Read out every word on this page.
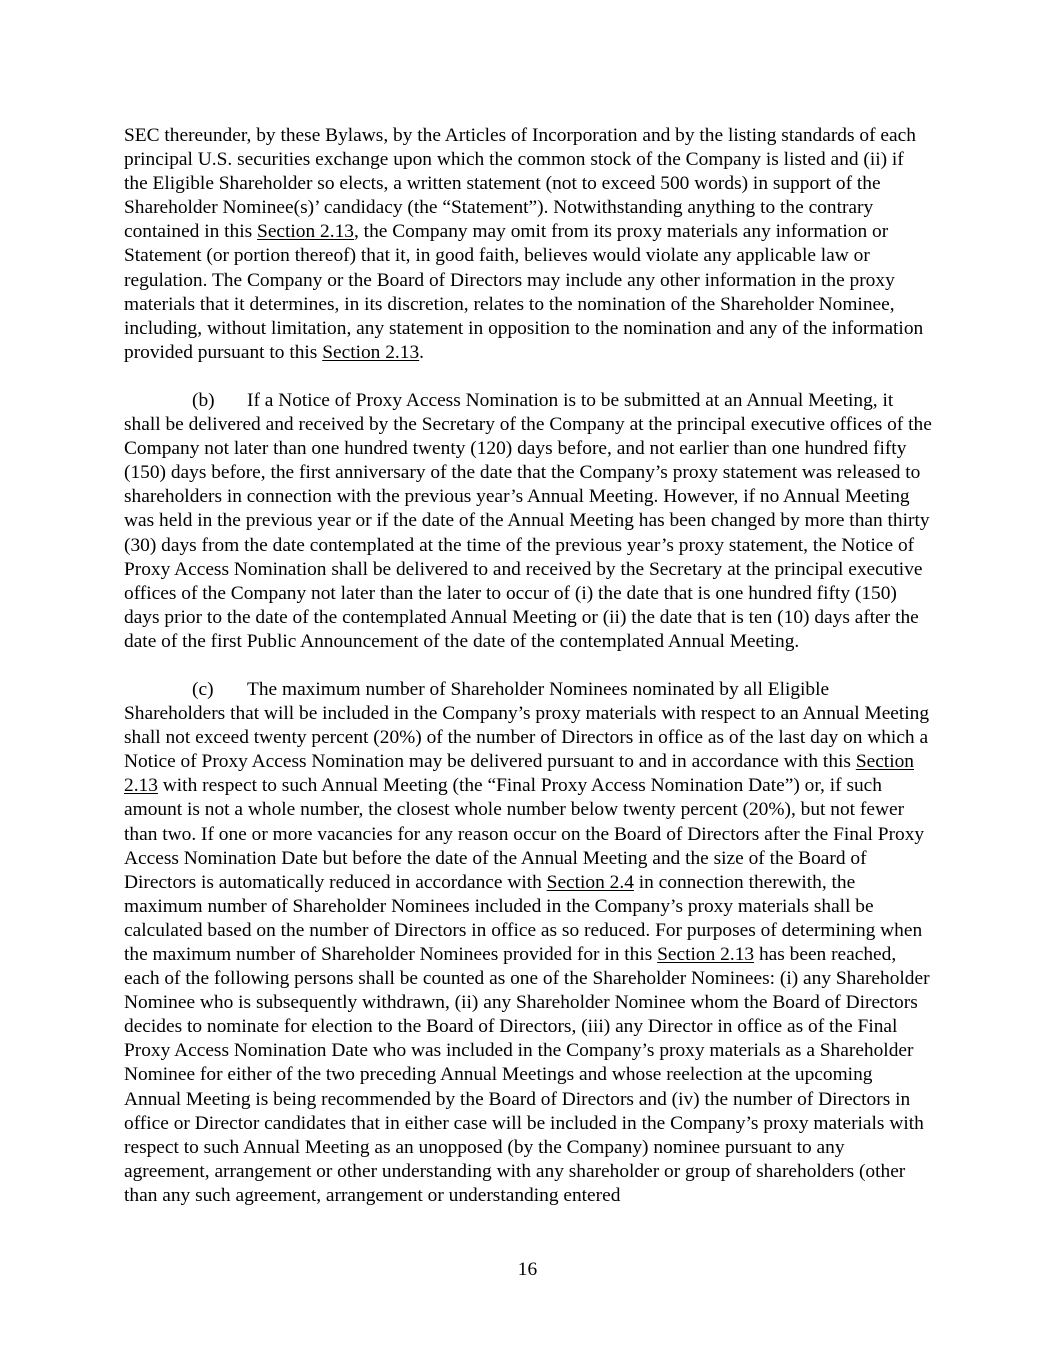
SEC thereunder, by these Bylaws, by the Articles of Incorporation and by the listing standards of each principal U.S. securities exchange upon which the common stock of the Company is listed and (ii) if the Eligible Shareholder so elects, a written statement (not to exceed 500 words) in support of the Shareholder Nominee(s)’ candidacy (the “Statement”). Notwithstanding anything to the contrary contained in this Section 2.13, the Company may omit from its proxy materials any information or Statement (or portion thereof) that it, in good faith, believes would violate any applicable law or regulation. The Company or the Board of Directors may include any other information in the proxy materials that it determines, in its discretion, relates to the nomination of the Shareholder Nominee, including, without limitation, any statement in opposition to the nomination and any of the information provided pursuant to this Section 2.13.

(b) If a Notice of Proxy Access Nomination is to be submitted at an Annual Meeting, it shall be delivered and received by the Secretary of the Company at the principal executive offices of the Company not later than one hundred twenty (120) days before, and not earlier than one hundred fifty (150) days before, the first anniversary of the date that the Company’s proxy statement was released to shareholders in connection with the previous year’s Annual Meeting. However, if no Annual Meeting was held in the previous year or if the date of the Annual Meeting has been changed by more than thirty (30) days from the date contemplated at the time of the previous year’s proxy statement, the Notice of Proxy Access Nomination shall be delivered to and received by the Secretary at the principal executive offices of the Company not later than the later to occur of (i) the date that is one hundred fifty (150) days prior to the date of the contemplated Annual Meeting or (ii) the date that is ten (10) days after the date of the first Public Announcement of the date of the contemplated Annual Meeting.

(c) The maximum number of Shareholder Nominees nominated by all Eligible Shareholders that will be included in the Company’s proxy materials with respect to an Annual Meeting shall not exceed twenty percent (20%) of the number of Directors in office as of the last day on which a Notice of Proxy Access Nomination may be delivered pursuant to and in accordance with this Section 2.13 with respect to such Annual Meeting (the “Final Proxy Access Nomination Date”) or, if such amount is not a whole number, the closest whole number below twenty percent (20%), but not fewer than two. If one or more vacancies for any reason occur on the Board of Directors after the Final Proxy Access Nomination Date but before the date of the Annual Meeting and the size of the Board of Directors is automatically reduced in accordance with Section 2.4 in connection therewith, the maximum number of Shareholder Nominees included in the Company’s proxy materials shall be calculated based on the number of Directors in office as so reduced. For purposes of determining when the maximum number of Shareholder Nominees provided for in this Section 2.13 has been reached, each of the following persons shall be counted as one of the Shareholder Nominees: (i) any Shareholder Nominee who is subsequently withdrawn, (ii) any Shareholder Nominee whom the Board of Directors decides to nominate for election to the Board of Directors, (iii) any Director in office as of the Final Proxy Access Nomination Date who was included in the Company’s proxy materials as a Shareholder Nominee for either of the two preceding Annual Meetings and whose reelection at the upcoming Annual Meeting is being recommended by the Board of Directors and (iv) the number of Directors in office or Director candidates that in either case will be included in the Company’s proxy materials with respect to such Annual Meeting as an unopposed (by the Company) nominee pursuant to any agreement, arrangement or other understanding with any shareholder or group of shareholders (other than any such agreement, arrangement or understanding entered

16
